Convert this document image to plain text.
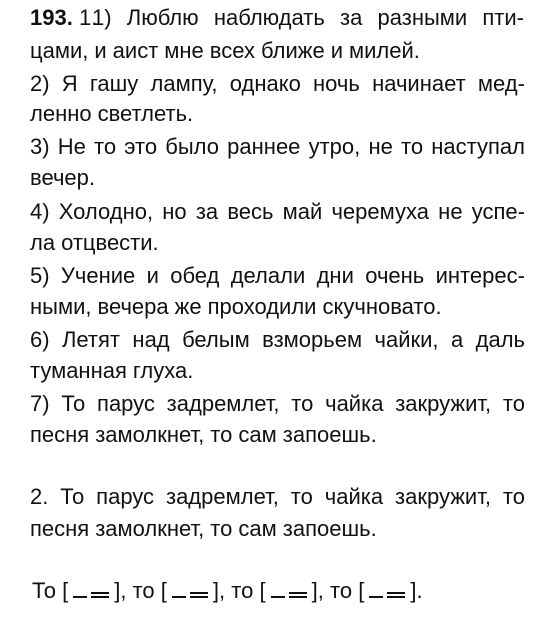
193. 1.
1) Люблю наблюдать за разными пти-
цами, и аист мне всех ближе и милей.
2) Я гашу лампу, однако ночь начинает мед-
ленно светлеть.
3) Не то это было раннее утро, не то наступал
вечер.
4) Холодно, но за весь май черемуха не успе-
ла отцвести.
5) Учение и обед делали дни очень интерес-
ными, вечера же проходили скучновато.
6) Летят над белым взморьем чайки, а даль
туманная глуха.
7) То парус задремлет, то чайка закружит, то
песня замолкнет, то сам запоешь.
2. То парус задремлет, то чайка закружит, то
песня замолкнет, то сам запоешь.
То [ ], то [ ], то [ ], то [ ].
